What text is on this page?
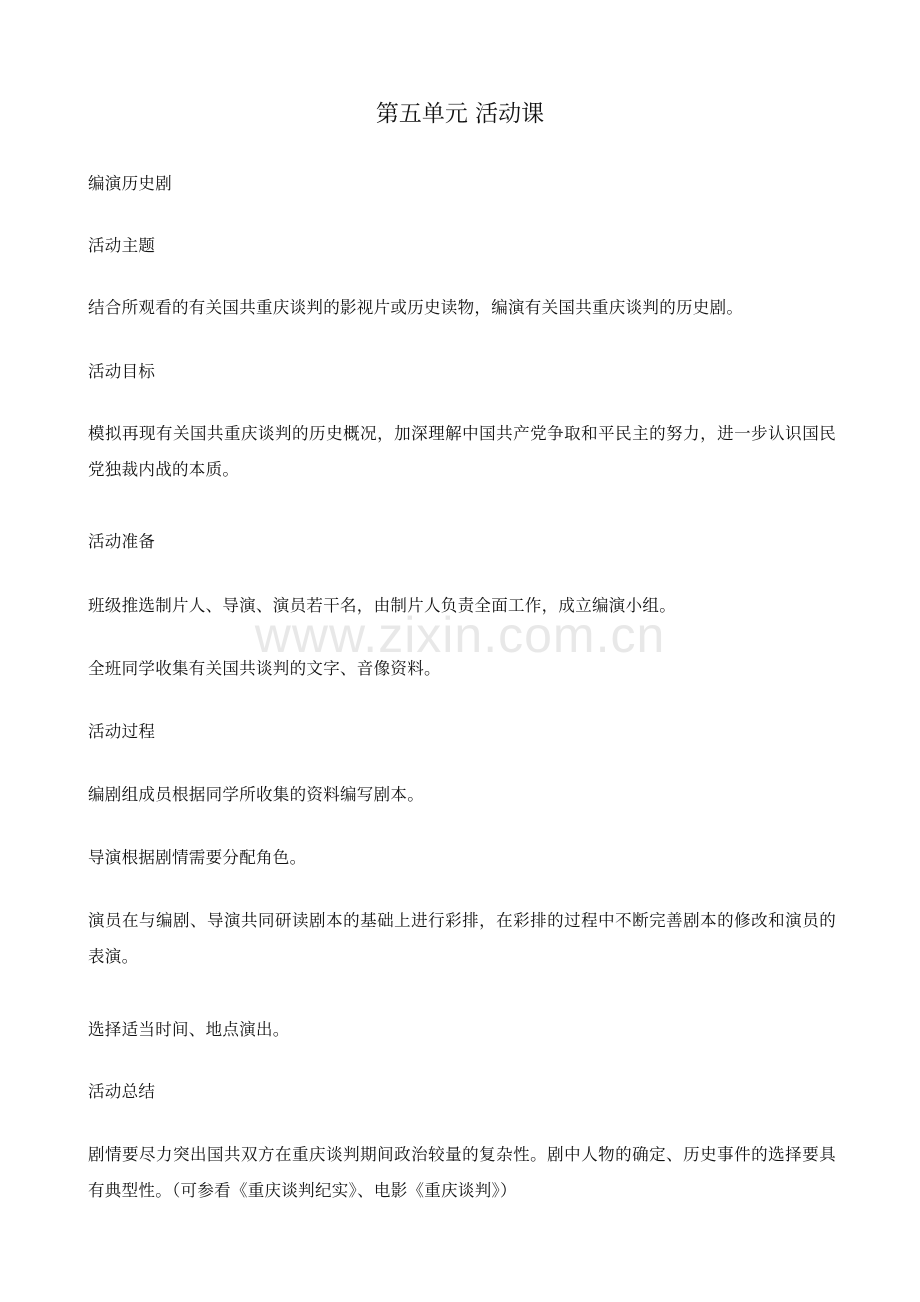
第五单元 活动课

编演历史剧

活动主题

结合所观看的有关国共重庆谈判的影视片或历史读物，编演有关国共重庆谈判的历史剧。

活动目标

模拟再现有关国共重庆谈判的历史概况，加深理解中国共产党争取和平民主的努力，进一步认识国民党独裁内战的本质。

活动准备

班级推选制片人、导演、演员若干名，由制片人负责全面工作，成立编演小组。

全班同学收集有关国共谈判的文字、音像资料。

活动过程

编剧组成员根据同学所收集的资料编写剧本。

导演根据剧情需要分配角色。

演员在与编剧、导演共同研读剧本的基础上进行彩排，在彩排的过程中不断完善剧本的修改和演员的表演。

选择适当时间、地点演出。

活动总结

剧情要尽力突出国共双方在重庆谈判期间政治较量的复杂性。剧中人物的确定、历史事件的选择要具有典型性。（可参看《重庆谈判纪实》、电影《重庆谈判》）

www.zixin.com.cn
